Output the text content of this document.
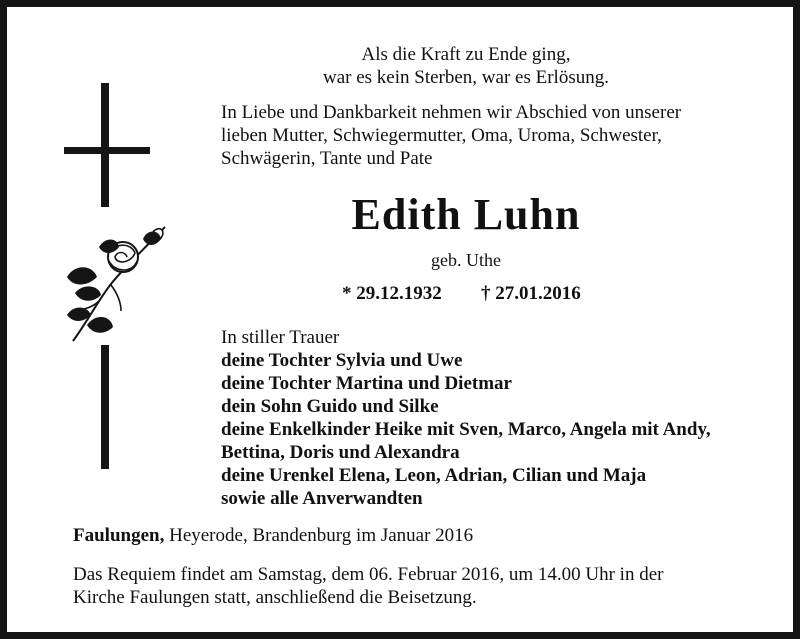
Als die Kraft zu Ende ging,

war es kein Sterben, war es Erlösung.

In Liebe und Dankbarkeit nehmen wir Abschied von unserer

lieben Mutter, Schwiegermutter, Oma, Uroma, Schwester,

Schwägerin, Tante und Pate

Edith Luhn

geb. Uthe

* 29.12.1932 † 27.01.2016

In stiller Trauer

deine Tochter Sylvia und Uwe

deine Tochter Martina und Dietmar

dein Sohn Guido und Silke

deine Enkelkinder Heike mit Sven, Marco, Angela mit Andy,

Bettina, Doris und Alexandra

deine Urenkel Elena, Leon, Adrian, Cilian und Maja

sowie alle Anverwandten

Faulungen, Heyerode, Brandenburg im Januar 2016

Das Requiem findet am Samstag, dem 06. Februar 2016, um 14.00 Uhr in der

Kirche Faulungen statt, anschließend die Beisetzung.
